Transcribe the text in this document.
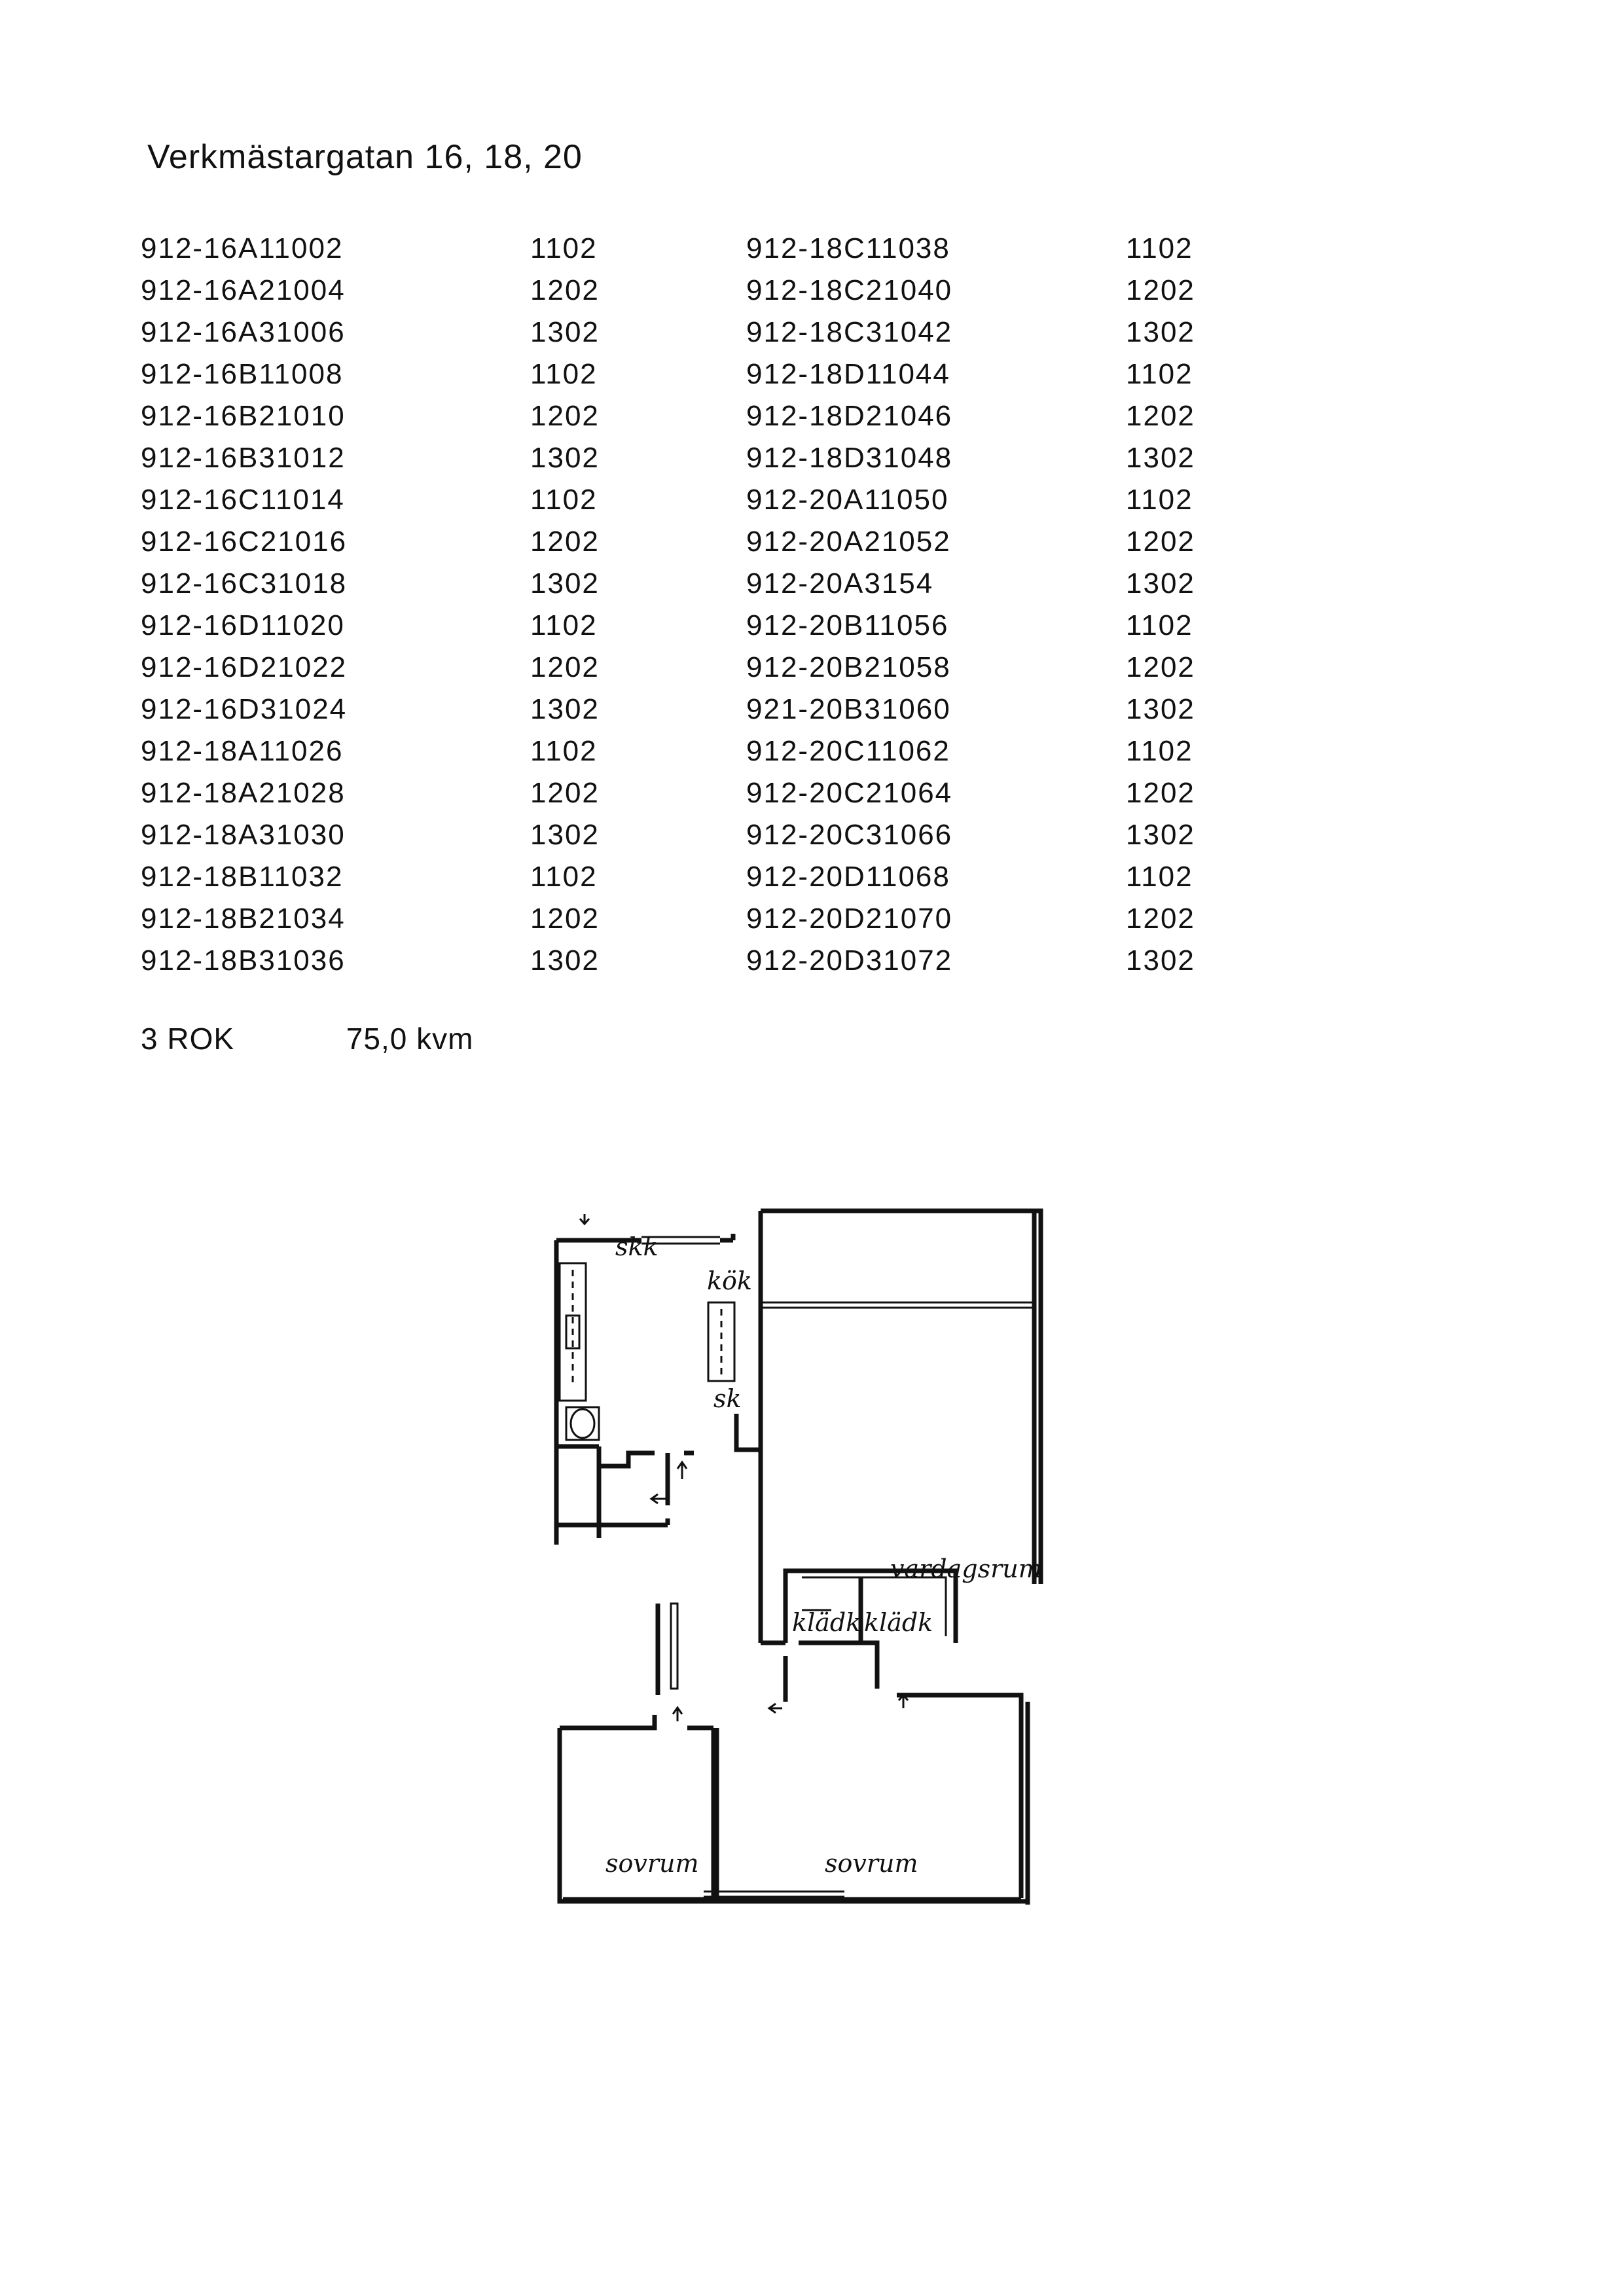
Verkmästargatan 16, 18, 20
912-16A11002	1102	912-18C11038	1102
912-16A21004	1202	912-18C21040	1202
912-16A31006	1302	912-18C31042	1302
912-16B11008	1102	912-18D11044	1102
912-16B21010	1202	912-18D21046	1202
912-16B31012	1302	912-18D31048	1302
912-16C11014	1102	912-20A11050	1102
912-16C21016	1202	912-20A21052	1202
912-16C31018	1302	912-20A3154	1302
912-16D11020	1102	912-20B11056	1102
912-16D21022	1202	912-20B21058	1202
912-16D31024	1302	921-20B31060	1302
912-18A11026	1102	912-20C11062	1102
912-18A21028	1202	912-20C21064	1202
912-18A31030	1302	912-20C31066	1302
912-18B11032	1102	912-20D11068	1102
912-18B21034	1202	912-20D21070	1202
912-18B31036	1302	912-20D31072	1302
3 ROK	75,0 kvm
skk
kök
sk
vardagsrum
klädk klädk
sovrum	sovrum
